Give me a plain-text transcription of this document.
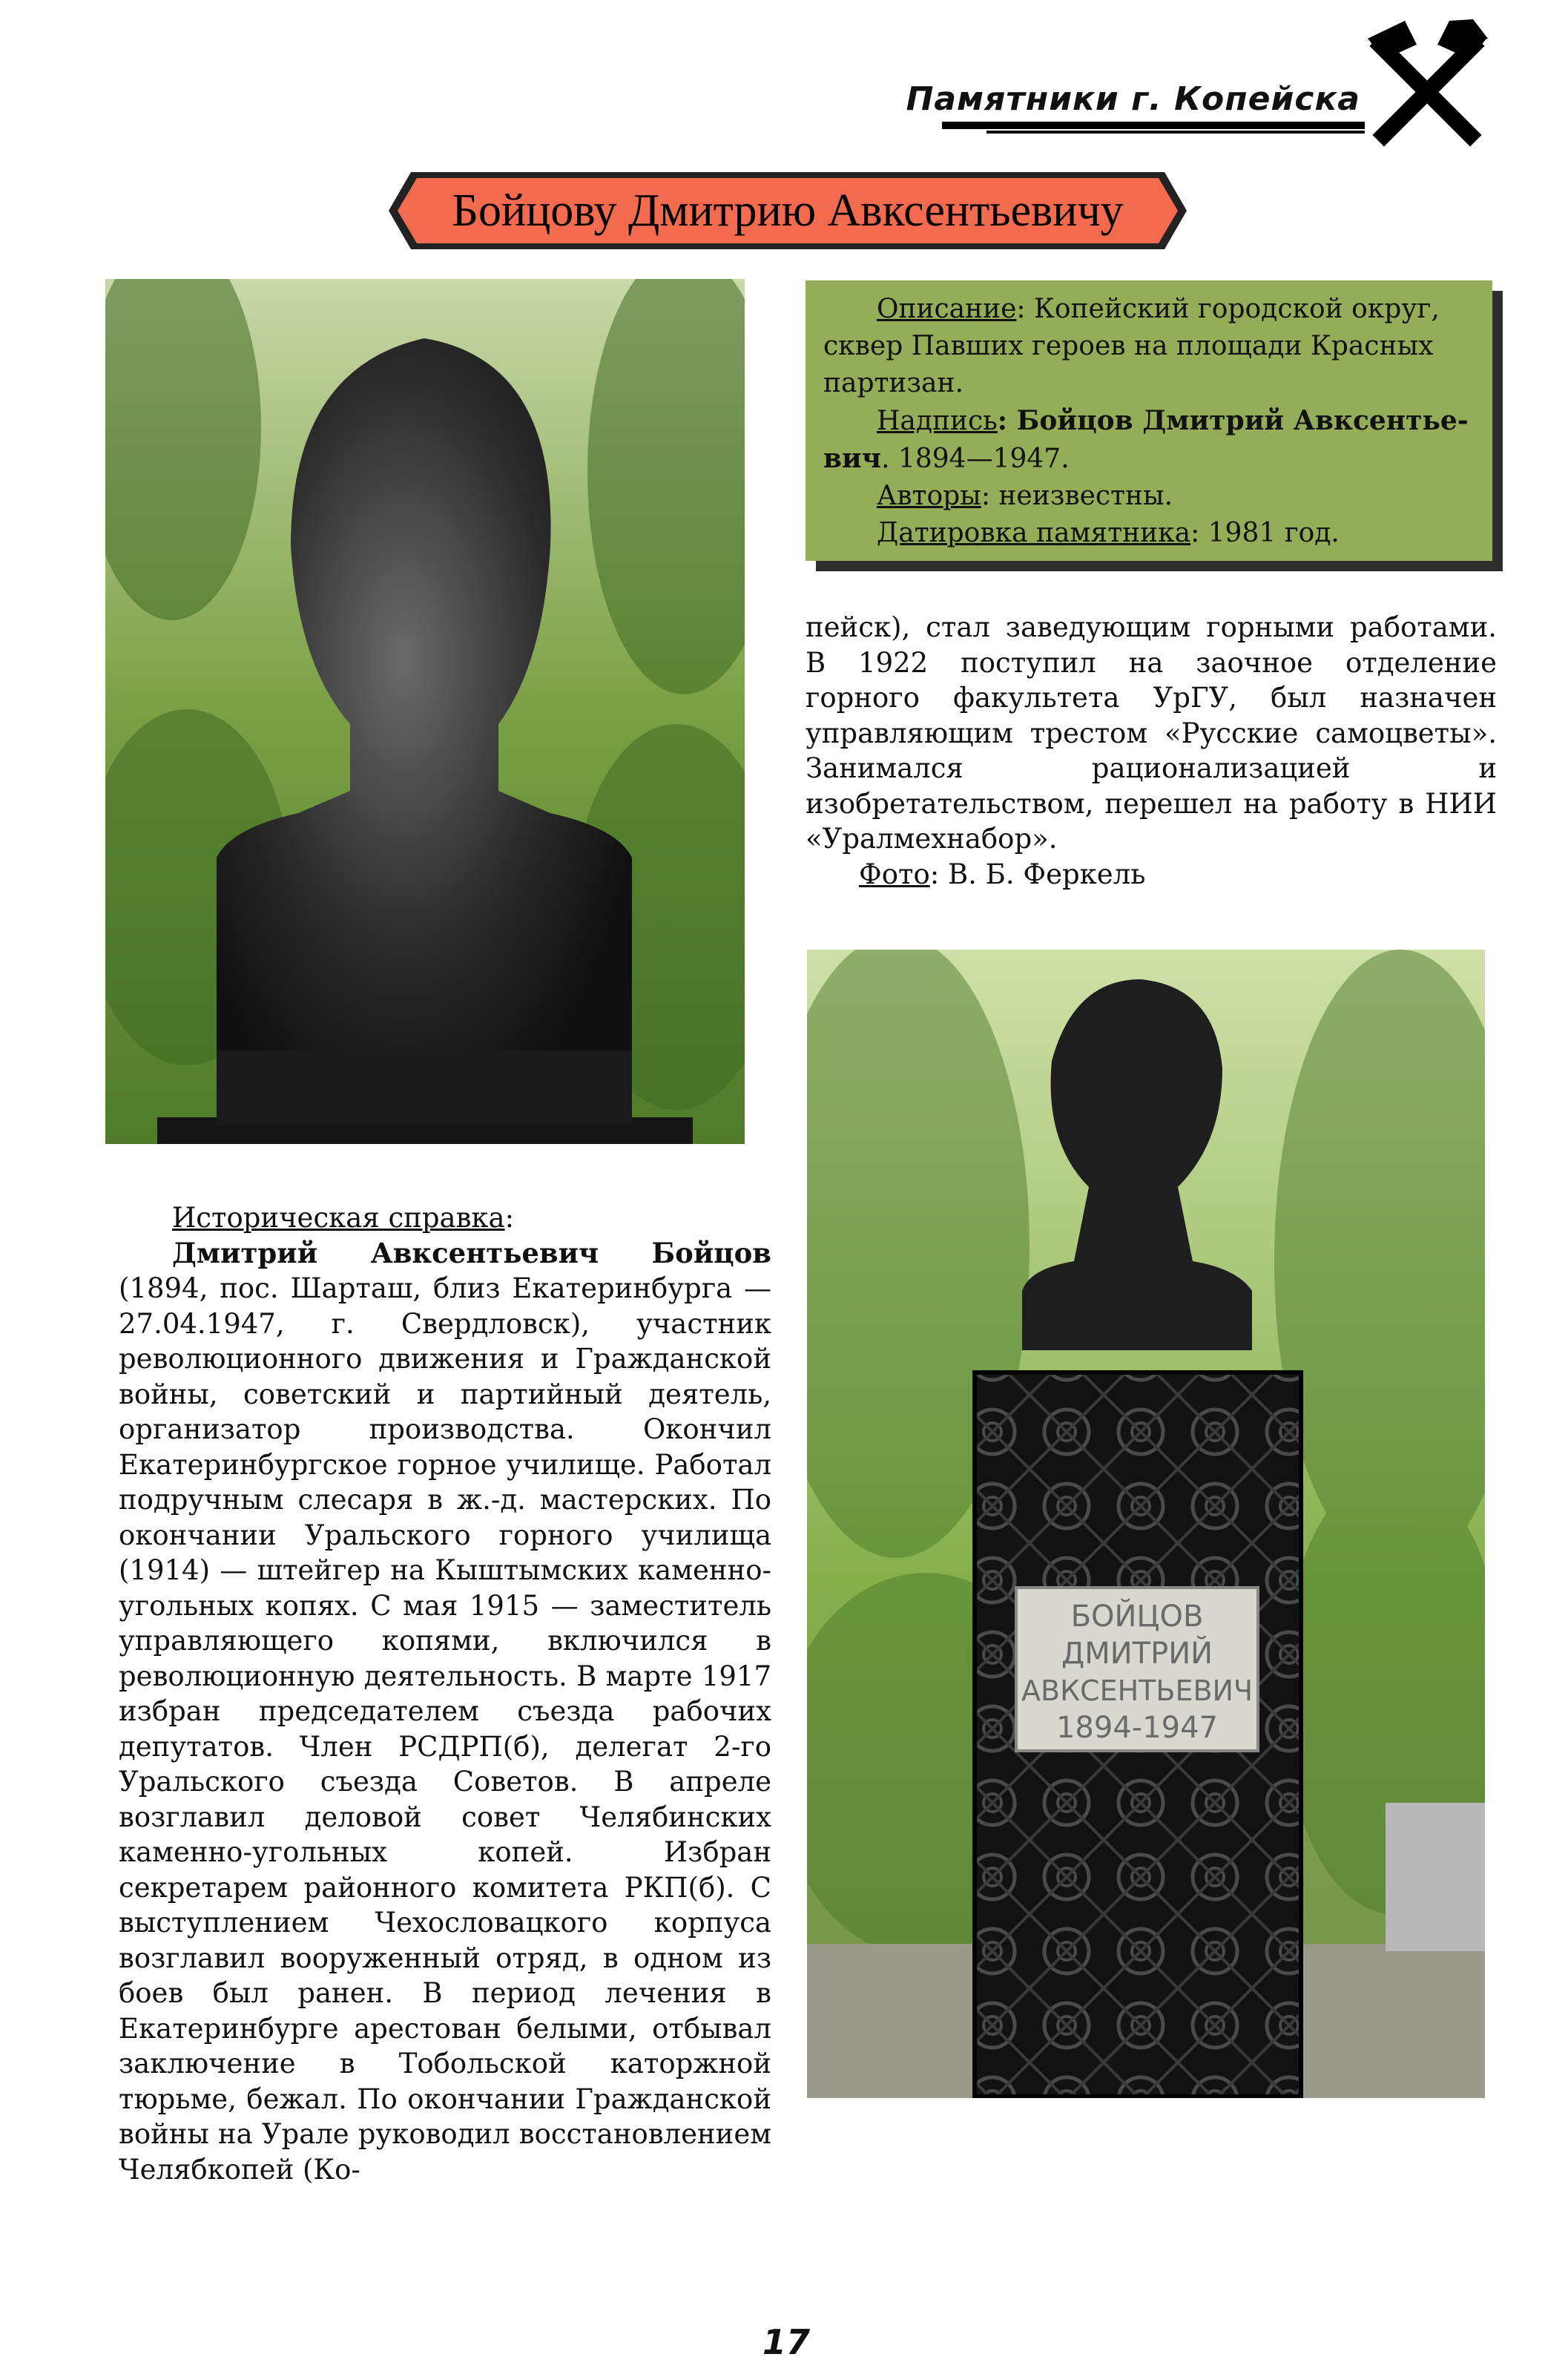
Памятники г. Копейска
Бойцову Дмитрию Авксентьевичу
Описание: Копейский городской округ, сквер Павших героев на площади Красных партизан.
Надпись: Бойцов Дмитрий Авксентье-вич. 1894—1947.
Авторы: неизвестны.
Датировка памятника: 1981 год.
пейск), стал заведующим горными работами. В 1922 поступил на заочное отделение горного факультета УрГУ, был назначен управляющим трестом «Русские самоцветы». Занимался рационализацией и изобретательством, перешел на работу в НИИ «Уралмехнабор».
Фото: В. Б. Феркель
БОЙЦОВ
ДМИТРИЙ
АВКСЕНТЬЕВИЧ
1894-1947
Историческая справка:
Дмитрий Авксентьевич Бойцов (1894, пос. Шарташ, близ Екатеринбурга — 27.04.1947, г. Свердловск), участник революционного движения и Гражданской войны, советский и партийный деятель, организатор производства. Окончил Екатеринбургское горное училище. Работал подручным слесаря в ж.-д. мастерских. По окончании Уральского горного училища (1914) — штейгер на Кыштымских каменно-угольных копях. С мая 1915 — заместитель управляющего копями, включился в революционную деятельность. В марте 1917 избран председателем съезда рабочих депутатов. Член РСДРП(б), делегат 2-го Уральского съезда Советов. В апреле возглавил деловой совет Челябинских каменно-угольных копей. Избран секретарем районного комитета РКП(б). С выступлением Чехословацкого корпуса возглавил вооруженный отряд, в одном из боев был ранен. В период лечения в Екатеринбурге арестован белыми, отбывал заключение в Тобольской каторжной тюрьме, бежал. По окончании Гражданской войны на Урале руководил восстановлением Челябкопей (Ко-
17
